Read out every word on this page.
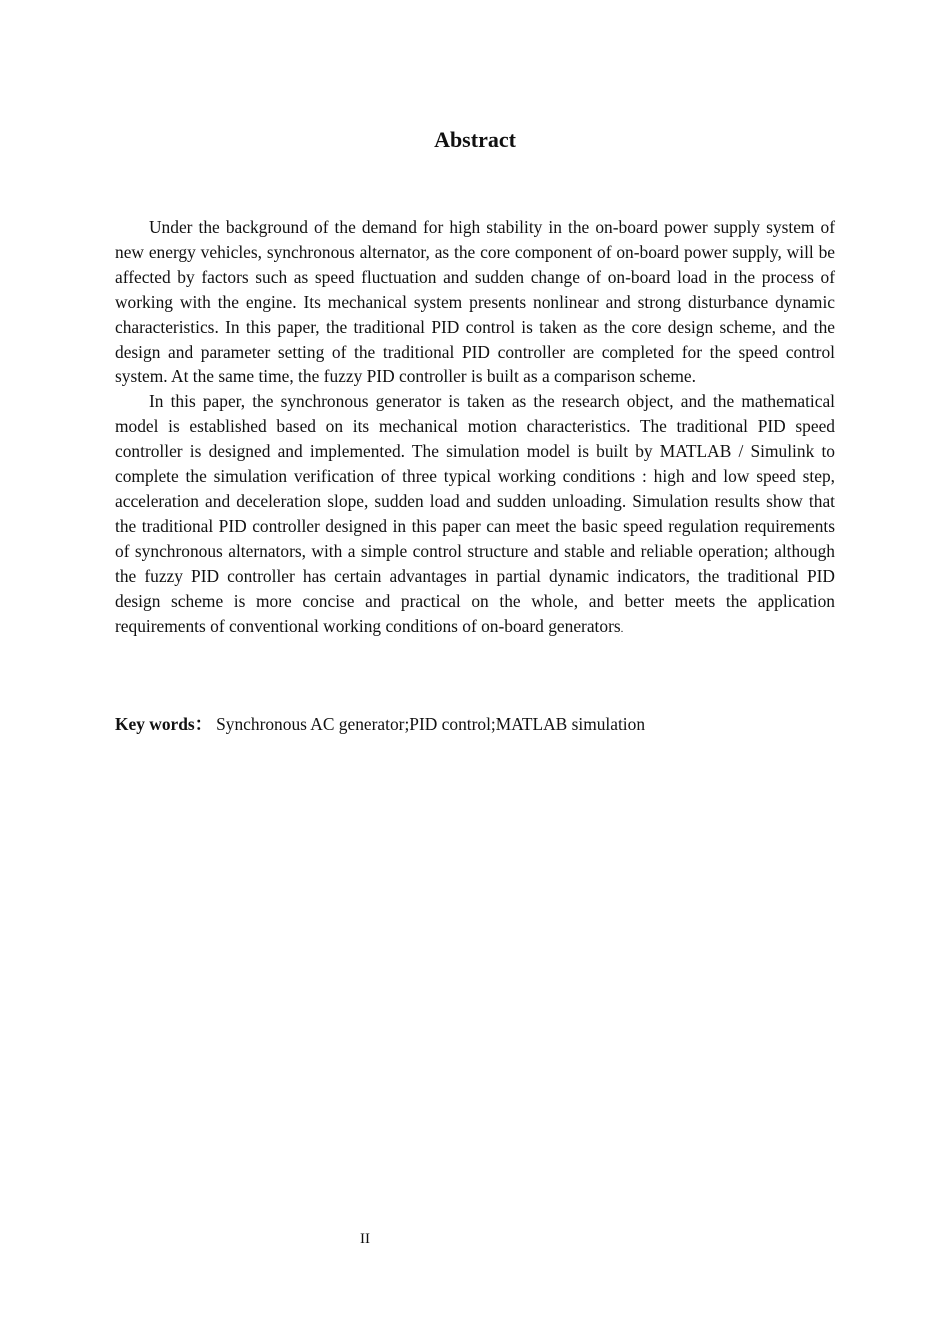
Abstract

Under the background of the demand for high stability in the on-board power supply system of new energy vehicles, synchronous alternator, as the core component of on-board power supply, will be affected by factors such as speed fluctuation and sudden change of on-board load in the process of working with the engine. Its mechanical system presents nonlinear and strong disturbance dynamic characteristics. In this paper, the traditional PID control is taken as the core design scheme, and the design and parameter setting of the traditional PID controller are completed for the speed control system. At the same time, the fuzzy PID controller is built as a comparison scheme.

In this paper, the synchronous generator is taken as the research object, and the mathematical model is established based on its mechanical motion characteristics. The traditional PID speed controller is designed and implemented. The simulation model is built by MATLAB / Simulink to complete the simulation verification of three typical working conditions : high and low speed step, acceleration and deceleration slope, sudden load and sudden unloading. Simulation results show that the traditional PID controller designed in this paper can meet the basic speed regulation requirements of synchronous alternators, with a simple control structure and stable and reliable operation; although the fuzzy PID controller has certain advantages in partial dynamic indicators, the traditional PID design scheme is more concise and practical on the whole, and better meets the application requirements of conventional working conditions of on-board generators.

Key words： Synchronous AC generator;PID control;MATLAB simulation

II
